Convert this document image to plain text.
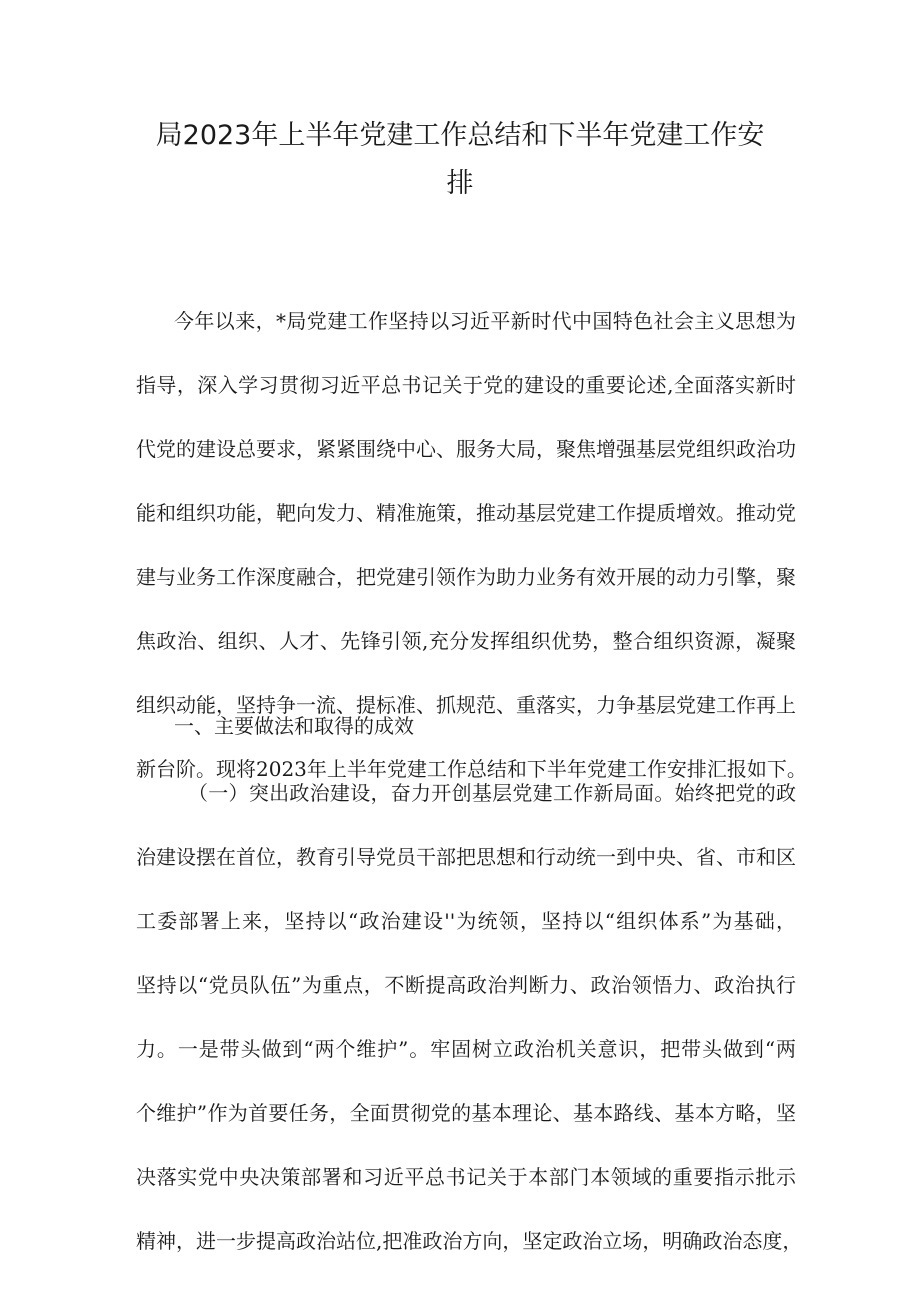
局2023年上半年党建工作总结和下半年党建工作安
排
今年以来，*局党建工作坚持以习近平新时代中国特色社会主义思想为
指导，深入学习贯彻习近平总书记关于党的建设的重要论述,全面落实新时
代党的建设总要求，紧紧围绕中心、服务大局，聚焦增强基层党组织政治功
能和组织功能，靶向发力、精准施策，推动基层党建工作提质增效。推动党
建与业务工作深度融合，把党建引领作为助力业务有效开展的动力引擎，聚
焦政治、组织、人才、先锋引领,充分发挥组织优势，整合组织资源，凝聚
组织动能，坚持争一流、提标准、抓规范、重落实，力争基层党建工作再上
新台阶。现将2023年上半年党建工作总结和下半年党建工作安排汇报如下。
一、主要做法和取得的成效
（一）突出政治建设，奋力开创基层党建工作新局面。始终把党的政
治建设摆在首位，教育引导党员干部把思想和行动统一到中央、省、市和区
工委部署上来，坚持以“政治建设''为统领，坚持以“组织体系”为基础，
坚持以“党员队伍”为重点，不断提高政治判断力、政治领悟力、政治执行
力。一是带头做到“两个维护”。牢固树立政治机关意识，把带头做到“两
个维护”作为首要任务，全面贯彻党的基本理论、基本路线、基本方略，坚
决落实党中央决策部署和习近平总书记关于本部门本领域的重要指示批示
精神，进一步提高政治站位,把准政治方向，坚定政治立场，明确政治态度，
